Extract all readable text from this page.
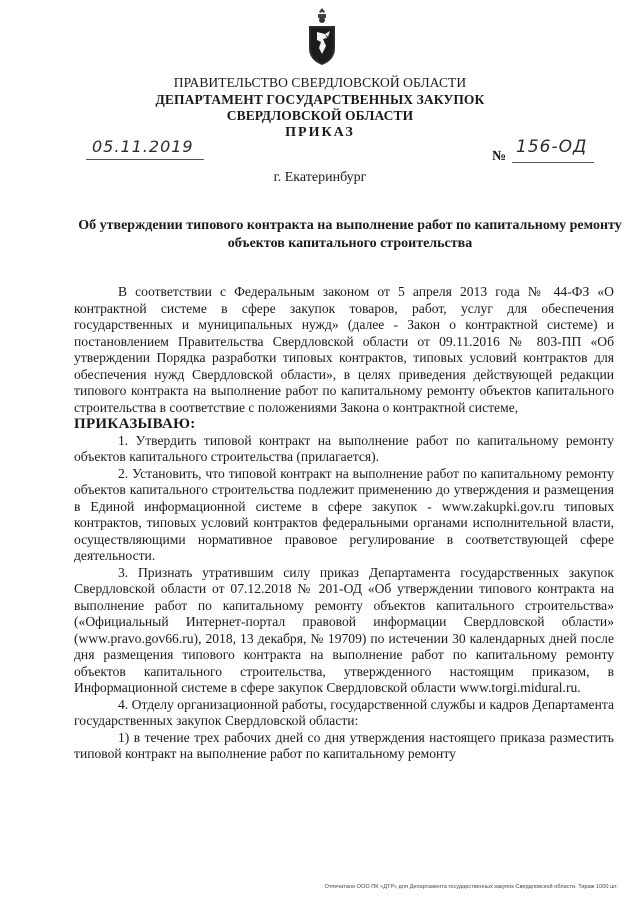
ПРАВИТЕЛЬСТВО СВЕРДЛОВСКОЙ ОБЛАСТИ
ДЕПАРТАМЕНТ ГОСУДАРСТВЕННЫХ ЗАКУПОК
СВЕРДЛОВСКОЙ ОБЛАСТИ
ПРИКАЗ
05.11.2019
№ 156-ОД
г. Екатеринбург
Об утверждении типового контракта на выполнение работ по капитальному ремонту объектов капитального строительства

В соответствии с Федеральным законом от 5 апреля 2013 года № 44-ФЗ «О контрактной системе в сфере закупок товаров, работ, услуг для обеспечения государственных и муниципальных нужд» (далее - Закон о контрактной системе) и постановлением Правительства Свердловской области от 09.11.2016 № 803-ПП «Об утверждении Порядка разработки типовых контрактов, типовых условий контрактов для обеспечения нужд Свердловской области», в целях приведения действующей редакции типового контракта на выполнение работ по капитальному ремонту объектов капитального строительства в соответствие с положениями Закона о контрактной системе,

ПРИКАЗЫВАЮ:

1. Утвердить типовой контракт на выполнение работ по капитальному ремонту объектов капитального строительства (прилагается).

2. Установить, что типовой контракт на выполнение работ по капитальному ремонту объектов капитального строительства подлежит применению до утверждения и размещения в Единой информационной системе в сфере закупок - www.zakupki.gov.ru типовых контрактов, типовых условий контрактов федеральными органами исполнительной власти, осуществляющими нормативное правовое регулирование в соответствующей сфере деятельности.

3. Признать утратившим силу приказ Департамента государственных закупок Свердловской области от 07.12.2018 № 201-ОД «Об утверждении типового контракта на выполнение работ по капитальному ремонту объектов капитального строительства» («Официальный Интернет-портал правовой информации Свердловской области» (www.pravo.gov66.ru), 2018, 13 декабря, № 19709) по истечении 30 календарных дней после дня размещения типового контракта на выполнение работ по капитальному ремонту объектов капитального строительства, утвержденного настоящим приказом, в Информационной системе в сфере закупок Свердловской области www.torgi.midural.ru.

4. Отделу организационной работы, государственной службы и кадров Департамента государственных закупок Свердловской области:

1) в течение трех рабочих дней со дня утверждения настоящего приказа разместить типовой контракт на выполнение работ по капитальному ремонту

Отпечатано ООО ПК «ДТР» для Департамента государственных закупок Свердловской области. Тираж 1000 шт.
